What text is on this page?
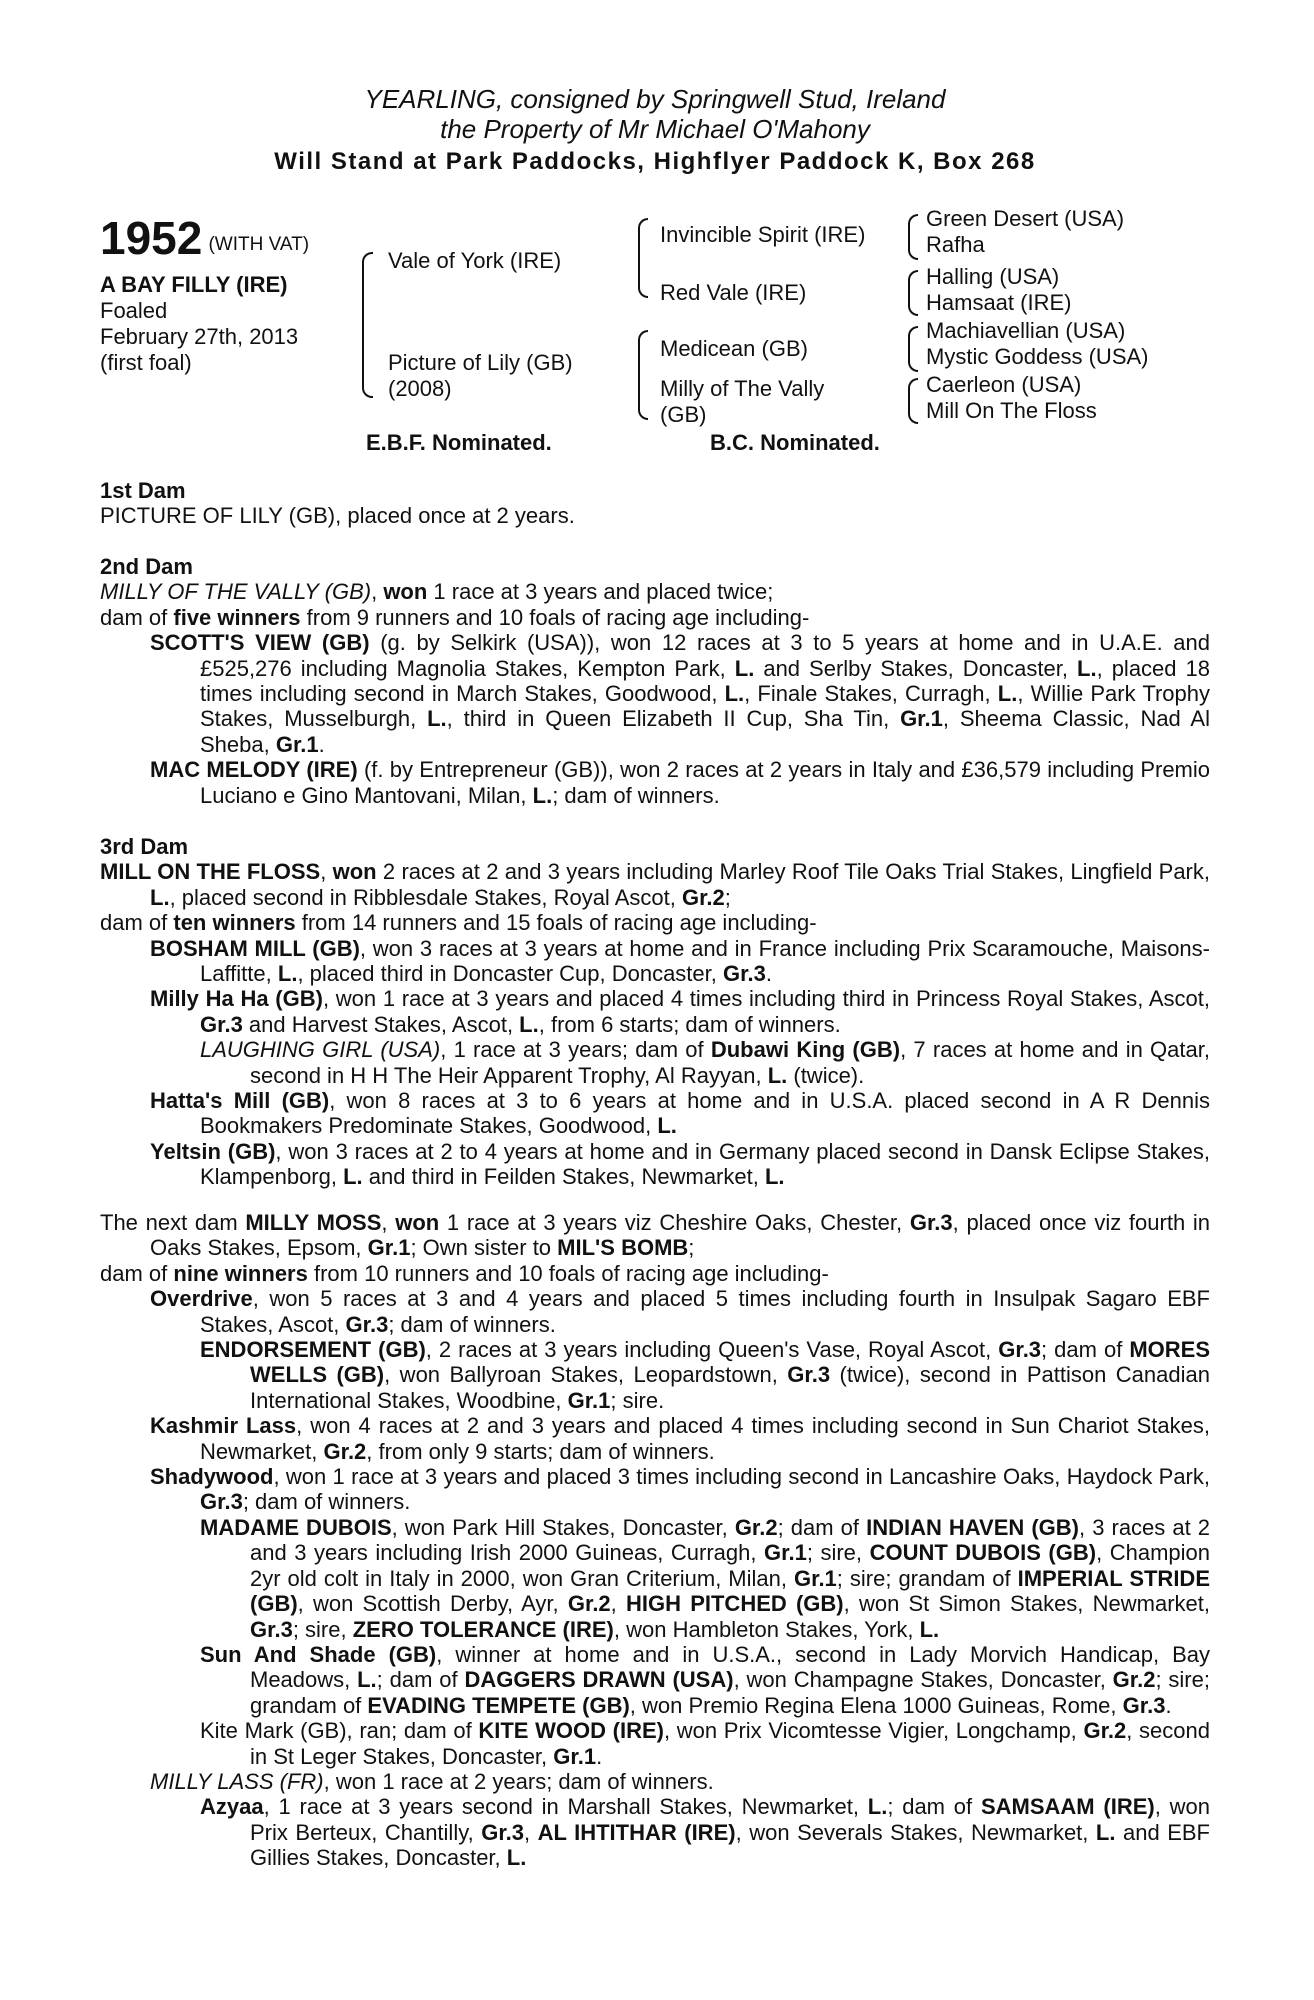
YEARLING, consigned by Springwell Stud, Ireland
the Property of Mr Michael O'Mahony
Will Stand at Park Paddocks, Highflyer Paddock K, Box 268
1952 (WITH VAT)
A BAY FILLY (IRE)
Foaled
February 27th, 2013
(first foal)
Vale of York (IRE)
Picture of Lily (GB)
(2008)
Invincible Spirit (IRE)
Red Vale (IRE)
Medicean (GB)
Milly of The Vally
(GB)
Green Desert (USA)
Rafha
Halling (USA)
Hamsaat (IRE)
Machiavellian (USA)
Mystic Goddess (USA)
Caerleon (USA)
Mill On The Floss
E.B.F. Nominated.	B.C. Nominated.

1st Dam

PICTURE OF LILY (GB), placed once at 2 years.

2nd Dam

MILLY OF THE VALLY (GB), won 1 race at 3 years and placed twice;

dam of five winners from 9 runners and 10 foals of racing age including-

SCOTT'S VIEW (GB) (g. by Selkirk (USA)), won 12 races at 3 to 5 years at home and in U.A.E. and £525,276 including Magnolia Stakes, Kempton Park, L. and Serlby Stakes, Doncaster, L., placed 18 times including second in March Stakes, Goodwood, L., Finale Stakes, Curragh, L., Willie Park Trophy Stakes, Musselburgh, L., third in Queen Elizabeth II Cup, Sha Tin, Gr.1, Sheema Classic, Nad Al Sheba, Gr.1.

MAC MELODY (IRE) (f. by Entrepreneur (GB)), won 2 races at 2 years in Italy and £36,579 including Premio Luciano e Gino Mantovani, Milan, L.; dam of winners.

3rd Dam

MILL ON THE FLOSS, won 2 races at 2 and 3 years including Marley Roof Tile Oaks Trial Stakes, Lingfield Park, L., placed second in Ribblesdale Stakes, Royal Ascot, Gr.2;

dam of ten winners from 14 runners and 15 foals of racing age including-

BOSHAM MILL (GB), won 3 races at 3 years at home and in France including Prix Scaramouche, Maisons-Laffitte, L., placed third in Doncaster Cup, Doncaster, Gr.3.

Milly Ha Ha (GB), won 1 race at 3 years and placed 4 times including third in Princess Royal Stakes, Ascot, Gr.3 and Harvest Stakes, Ascot, L., from 6 starts; dam of winners.

LAUGHING GIRL (USA), 1 race at 3 years; dam of Dubawi King (GB), 7 races at home and in Qatar, second in H H The Heir Apparent Trophy, Al Rayyan, L. (twice).

Hatta's Mill (GB), won 8 races at 3 to 6 years at home and in U.S.A. placed second in A R Dennis Bookmakers Predominate Stakes, Goodwood, L.

Yeltsin (GB), won 3 races at 2 to 4 years at home and in Germany placed second in Dansk Eclipse Stakes, Klampenborg, L. and third in Feilden Stakes, Newmarket, L.

The next dam MILLY MOSS, won 1 race at 3 years viz Cheshire Oaks, Chester, Gr.3, placed once viz fourth in Oaks Stakes, Epsom, Gr.1; Own sister to MIL'S BOMB;

dam of nine winners from 10 runners and 10 foals of racing age including-

Overdrive, won 5 races at 3 and 4 years and placed 5 times including fourth in Insulpak Sagaro EBF Stakes, Ascot, Gr.3; dam of winners.

ENDORSEMENT (GB), 2 races at 3 years including Queen's Vase, Royal Ascot, Gr.3; dam of MORES WELLS (GB), won Ballyroan Stakes, Leopardstown, Gr.3 (twice), second in Pattison Canadian International Stakes, Woodbine, Gr.1; sire.

Kashmir Lass, won 4 races at 2 and 3 years and placed 4 times including second in Sun Chariot Stakes, Newmarket, Gr.2, from only 9 starts; dam of winners.

Shadywood, won 1 race at 3 years and placed 3 times including second in Lancashire Oaks, Haydock Park, Gr.3; dam of winners.

MADAME DUBOIS, won Park Hill Stakes, Doncaster, Gr.2; dam of INDIAN HAVEN (GB), 3 races at 2 and 3 years including Irish 2000 Guineas, Curragh, Gr.1; sire, COUNT DUBOIS (GB), Champion 2yr old colt in Italy in 2000, won Gran Criterium, Milan, Gr.1; sire; grandam of IMPERIAL STRIDE (GB), won Scottish Derby, Ayr, Gr.2, HIGH PITCHED (GB), won St Simon Stakes, Newmarket, Gr.3; sire, ZERO TOLERANCE (IRE), won Hambleton Stakes, York, L.

Sun And Shade (GB), winner at home and in U.S.A., second in Lady Morvich Handicap, Bay Meadows, L.; dam of DAGGERS DRAWN (USA), won Champagne Stakes, Doncaster, Gr.2; sire; grandam of EVADING TEMPETE (GB), won Premio Regina Elena 1000 Guineas, Rome, Gr.3.

Kite Mark (GB), ran; dam of KITE WOOD (IRE), won Prix Vicomtesse Vigier, Longchamp, Gr.2, second in St Leger Stakes, Doncaster, Gr.1.

MILLY LASS (FR), won 1 race at 2 years; dam of winners.

Azyaa, 1 race at 3 years second in Marshall Stakes, Newmarket, L.; dam of SAMSAAM (IRE), won Prix Berteux, Chantilly, Gr.3, AL IHTITHAR (IRE), won Severals Stakes, Newmarket, L. and EBF Gillies Stakes, Doncaster, L.
